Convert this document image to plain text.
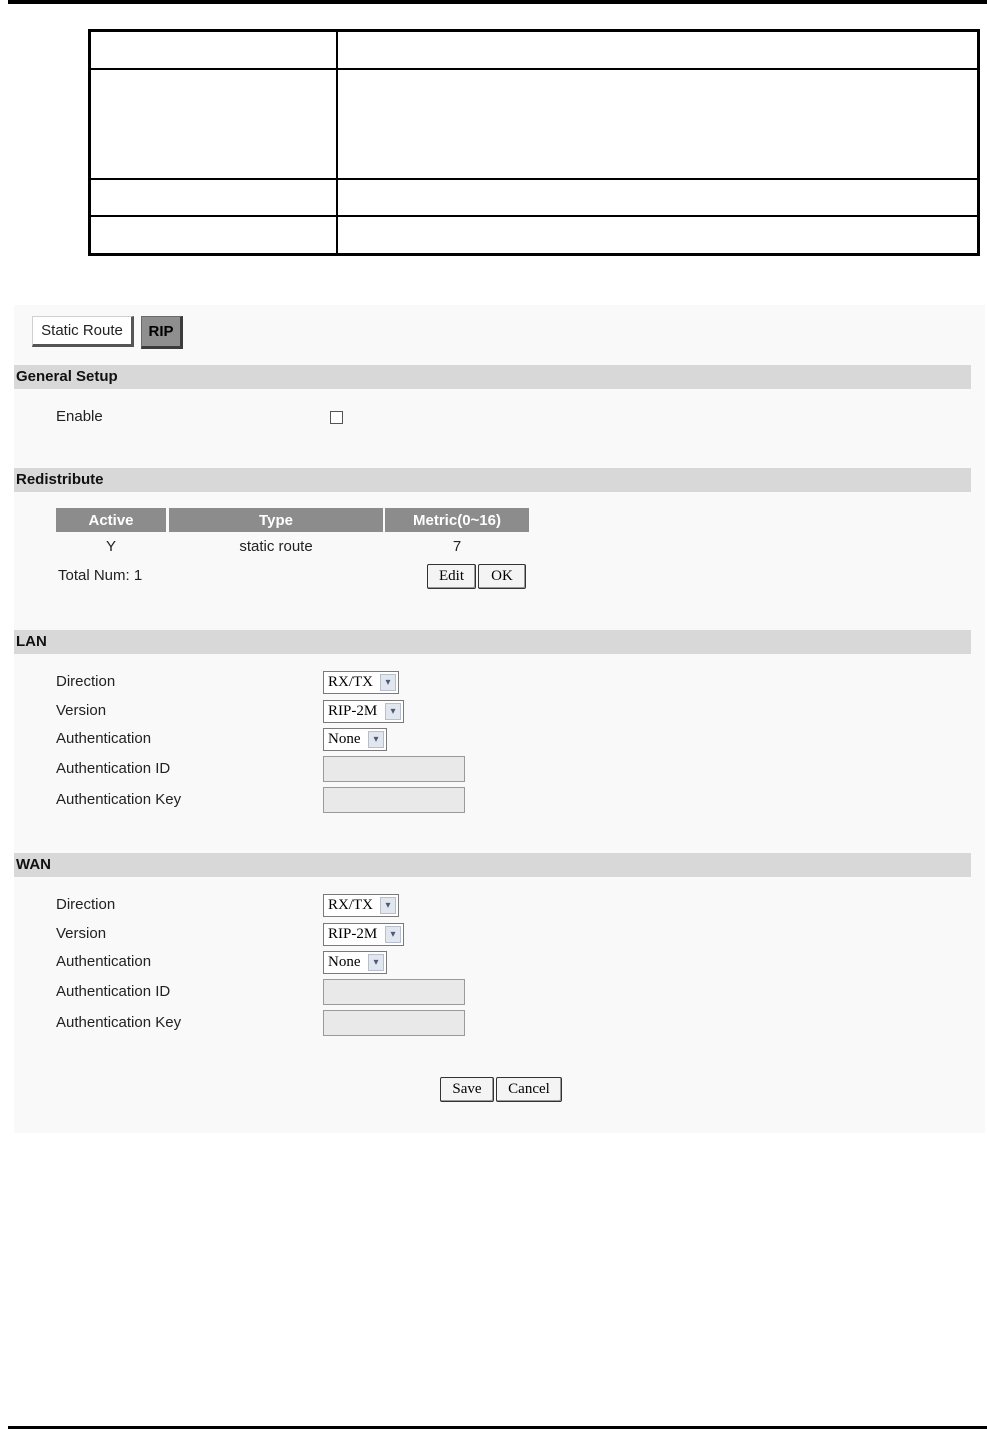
Static Route	RIP
General Setup
Enable
Redistribute
Active	Type	Metric(0~16)
Y	static route	7
Total Num: 1	Edit	OK
LAN
Direction	RX/TX	▾
Version	RIP-2M	▾
Authentication	None	▾
Authentication ID
Authentication Key
WAN
Direction	RX/TX	▾
Version	RIP-2M	▾
Authentication	None	▾
Authentication ID
Authentication Key
Save	Cancel
